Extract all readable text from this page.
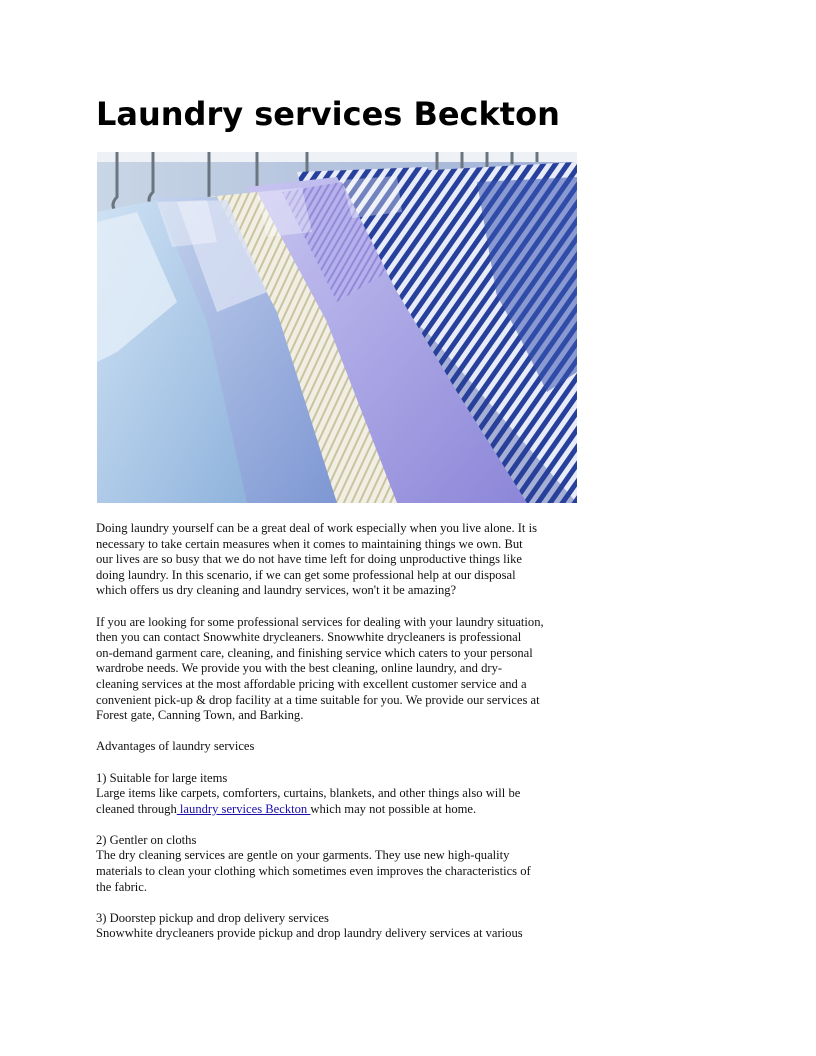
Laundry services Beckton

Doing laundry yourself can be a great deal of work especially when you live alone. It is
necessary to take certain measures when it comes to maintaining things we own. But
our lives are so busy that we do not have time left for doing unproductive things like
doing laundry. In this scenario, if we can get some professional help at our disposal
which offers us dry cleaning and laundry services, won't it be amazing?

If you are looking for some professional services for dealing with your laundry situation,
then you can contact Snowwhite drycleaners. Snowwhite drycleaners is professional
on-demand garment care, cleaning, and finishing service which caters to your personal
wardrobe needs. We provide you with the best cleaning, online laundry, and dry-
cleaning services at the most affordable pricing with excellent customer service and a
convenient pick-up & drop facility at a time suitable for you. We provide our services at
Forest gate, Canning Town, and Barking.

Advantages of laundry services

1) Suitable for large items
Large items like carpets, comforters, curtains, blankets, and other things also will be
cleaned through laundry services Beckton which may not possible at home.

2) Gentler on cloths
The dry cleaning services are gentle on your garments. They use new high-quality
materials to clean your clothing which sometimes even improves the characteristics of
the fabric.

3) Doorstep pickup and drop delivery services
Snowwhite drycleaners provide pickup and drop laundry delivery services at various
